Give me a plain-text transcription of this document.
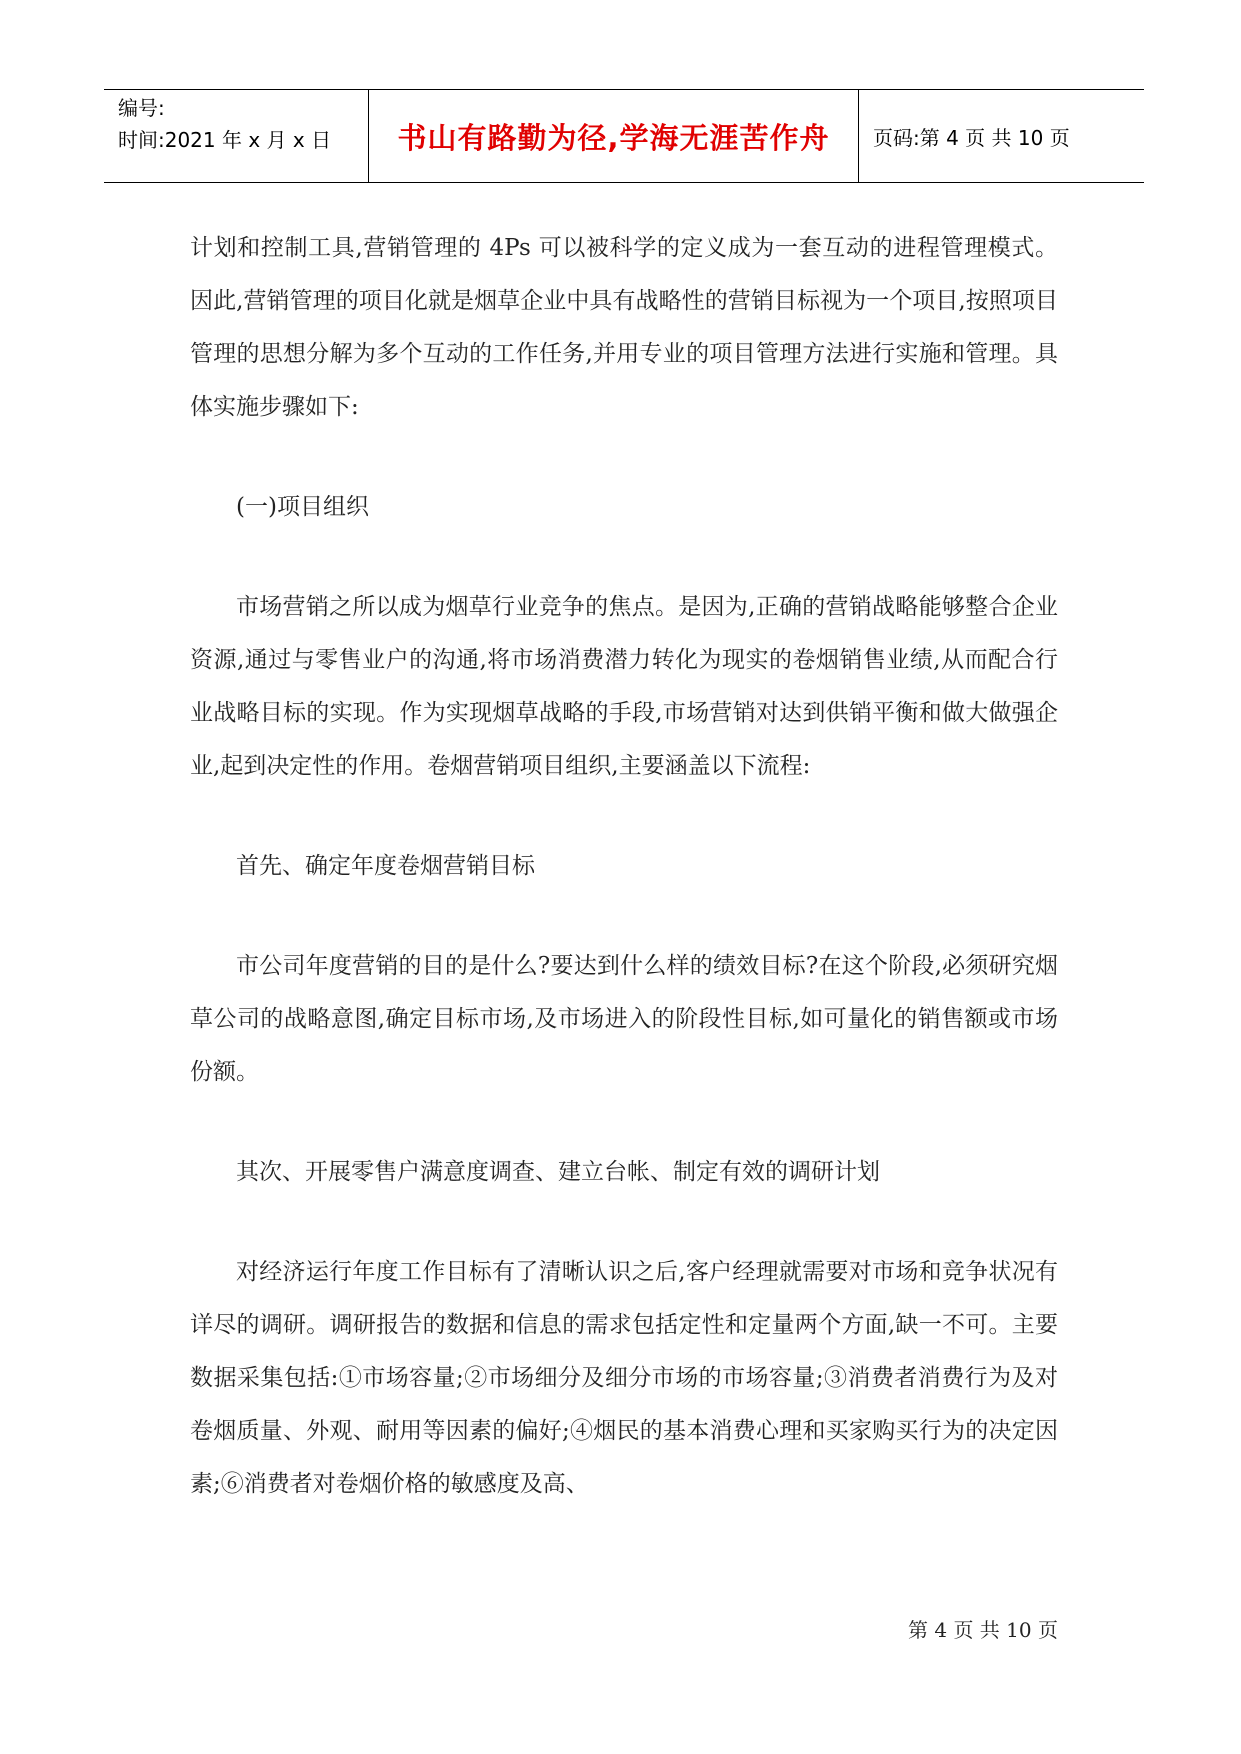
编号:
时间:2021 年 x 月 x 日	书山有路勤为径,学海无涯苦作舟	页码:第 4 页 共 10 页

计划和控制工具,营销管理的 4Ps 可以被科学的定义成为一套互动的进程管理模式。因此,营销管理的项目化就是烟草企业中具有战略性的营销目标视为一个项目,按照项目管理的思想分解为多个互动的工作任务,并用专业的项目管理方法进行实施和管理。具体实施步骤如下:

(一)项目组织

市场营销之所以成为烟草行业竞争的焦点。是因为,正确的营销战略能够整合企业资源,通过与零售业户的沟通,将市场消费潜力转化为现实的卷烟销售业绩,从而配合行业战略目标的实现。作为实现烟草战略的手段,市场营销对达到供销平衡和做大做强企业,起到决定性的作用。卷烟营销项目组织,主要涵盖以下流程:

首先、确定年度卷烟营销目标

市公司年度营销的目的是什么?要达到什么样的绩效目标?在这个阶段,必须研究烟草公司的战略意图,确定目标市场,及市场进入的阶段性目标,如可量化的销售额或市场份额。

其次、开展零售户满意度调查、建立台帐、制定有效的调研计划

对经济运行年度工作目标有了清晰认识之后,客户经理就需要对市场和竞争状况有详尽的调研。调研报告的数据和信息的需求包括定性和定量两个方面,缺一不可。主要数据采集包括:①市场容量;②市场细分及细分市场的市场容量;③消费者消费行为及对卷烟质量、外观、耐用等因素的偏好;④烟民的基本消费心理和买家购买行为的决定因素;⑥消费者对卷烟价格的敏感度及高、

第 4 页 共 10 页
